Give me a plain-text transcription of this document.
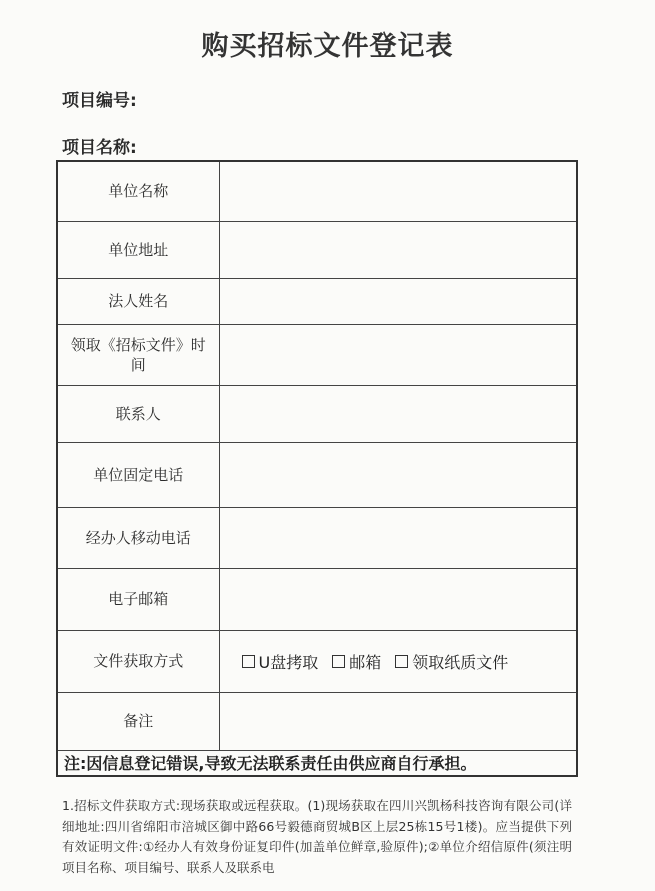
购买招标文件登记表
项目编号:
项目名称:
单位名称	
单位地址	
法人姓名	
领取《招标文件》时间	
联系人	
单位固定电话	
经办人移动电话	
电子邮箱	
文件获取方式	U盘拷取 邮箱 领取纸质文件

备注	
注:因信息登记错误,导致无法联系责任由供应商自行承担。	
1.招标文件获取方式:现场获取或远程获取。(1)现场获取在四川兴凯杨科技咨询有限公司(详细地址:四川省绵阳市涪城区御中路66号毅德商贸城B区上层25栋15号1楼)。应当提供下列有效证明文件:①经办人有效身份证复印件(加盖单位鲜章,验原件);②单位介绍信原件(须注明项目名称、项目编号、联系人及联系电
